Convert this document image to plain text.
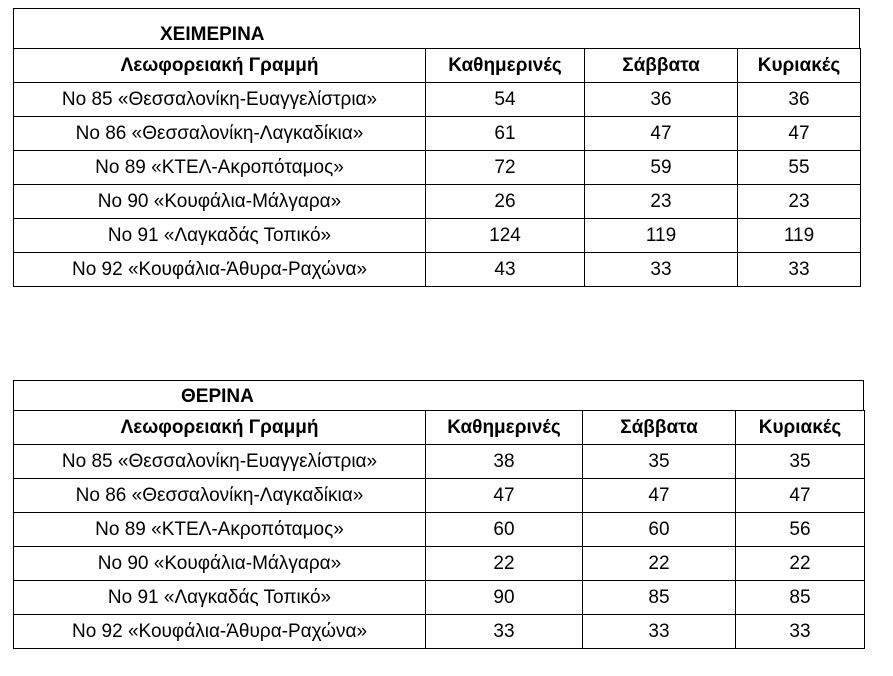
ΧΕΙΜΕΡΙΝΑ
Λεωφορειακή Γραμμή	Καθημερινές	Σάββατα	Κυριακές
Νο 85 «Θεσσαλονίκη-Ευαγγελίστρια»	54	36	36
Νο 86 «Θεσσαλονίκη-Λαγκαδίκια»	61	47	47
Νο 89 «ΚΤΕΛ-Ακροπόταμος»	72	59	55
Νο 90 «Κουφάλια-Μάλγαρα»	26	23	23
Νο 91 «Λαγκαδάς Τοπικό»	124	119	119
Νο 92 «Κουφάλια-Άθυρα-Ραχώνα»	43	33	33
ΘΕΡΙΝΑ
Λεωφορειακή Γραμμή	Καθημερινές	Σάββατα	Κυριακές
Νο 85 «Θεσσαλονίκη-Ευαγγελίστρια»	38	35	35
Νο 86 «Θεσσαλονίκη-Λαγκαδίκια»	47	47	47
Νο 89 «ΚΤΕΛ-Ακροπόταμος»	60	60	56
Νο 90 «Κουφάλια-Μάλγαρα»	22	22	22
Νο 91 «Λαγκαδάς Τοπικό»	90	85	85
Νο 92 «Κουφάλια-Άθυρα-Ραχώνα»	33	33	33
